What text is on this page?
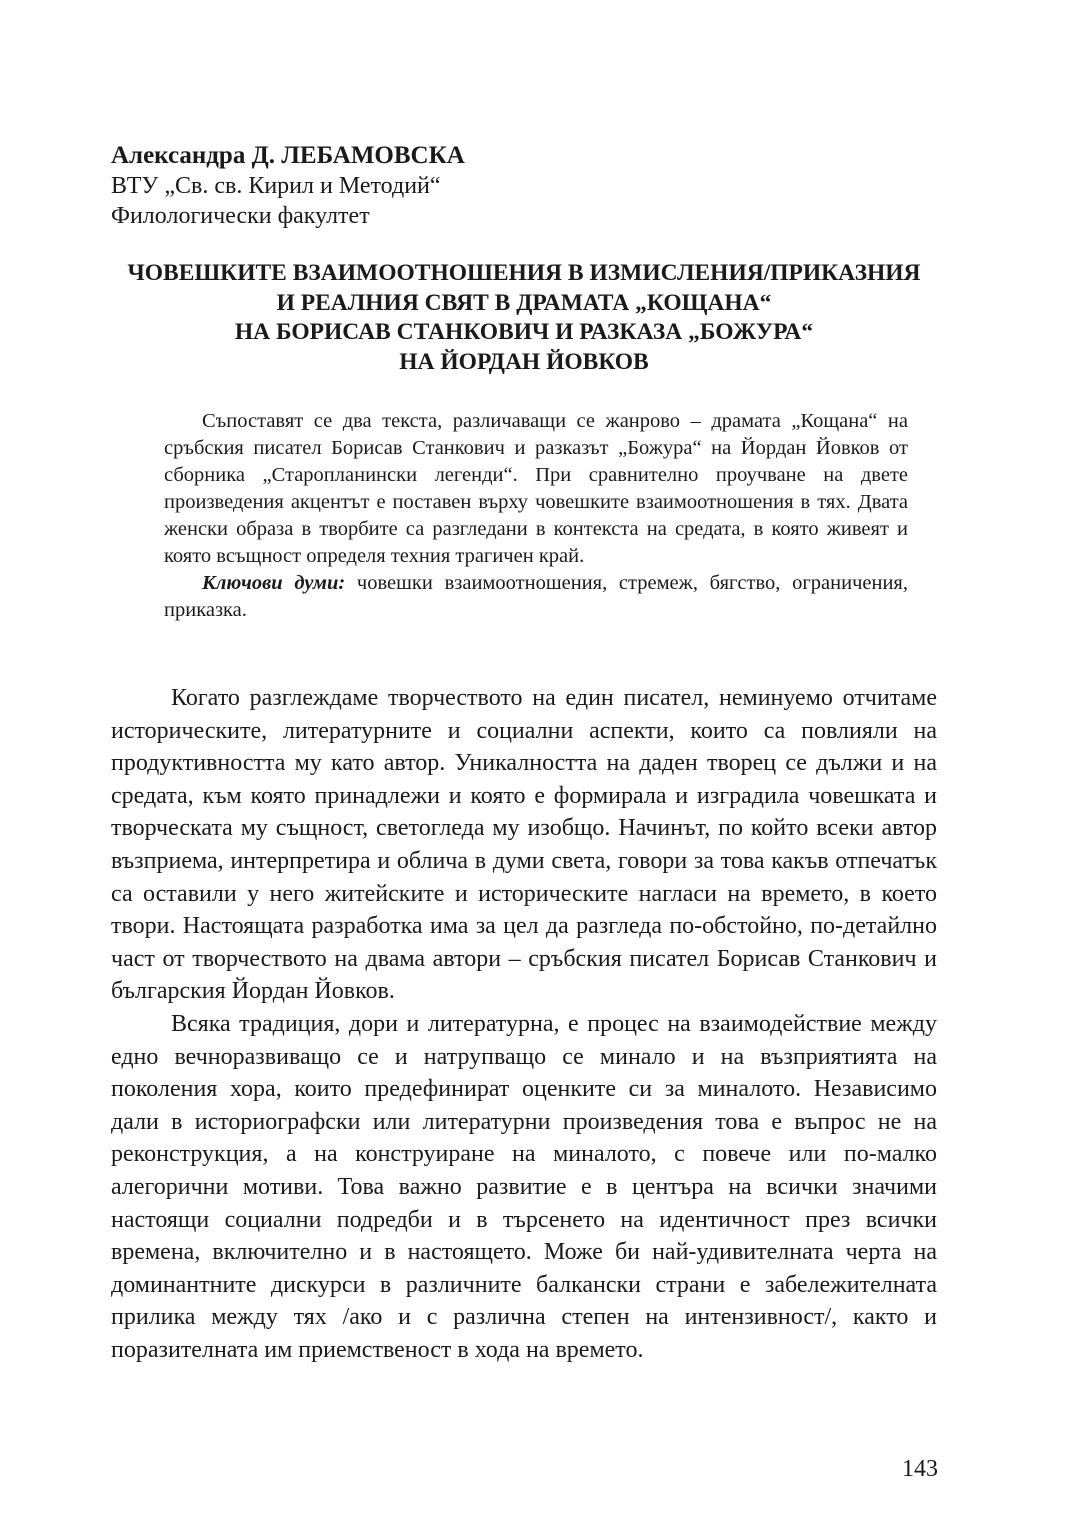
Александра Д. ЛЕБАМОВСКА

ВТУ „Св. св. Кирил и Методий“

Филологически факултет

ЧОВЕШКИТЕ ВЗАИМООТНОШЕНИЯ В ИЗМИСЛЕНИЯ/ПРИКАЗНИЯ
И РЕАЛНИЯ СВЯТ В ДРАМАТА „КОЩАНА“
НА БОРИСАВ СТАНКОВИЧ И РАЗКАЗА „БОЖУРА“
НА ЙОРДАН ЙОВКОВ

Съпоставят се два текста, различаващи се жанрово – драмата „Кощана“ на сръбския писател Борисав Станкович и разказът „Божура“ на Йордан Йовков от сборника „Старопланински легенди“. При сравнително проучване на двете произведения акцентът е поставен върху човешките взаимоотношения в тях. Двата женски образа в творбите са разгледани в контекста на средата, в която живеят и която всъщност определя техния трагичен край.

Ключови думи: човешки взаимоотношения, стремеж, бягство, ограничения, приказка.

Когато разглеждаме творчеството на един писател, неминуемо отчитаме историческите, литературните и социални аспекти, които са повлияли на продуктивността му като автор. Уникалността на даден творец се дължи и на средата, към която принадлежи и която е формирала и изградила човешката и творческата му същност, светогледа му изобщо. Начинът, по който всеки автор възприема, интерпретира и облича в думи света, говори за това какъв отпечатък са оставили у него житейските и историческите нагласи на времето, в което твори. Настоящата разработка има за цел да разгледа по-обстойно, по-детайлно част от творчеството на двама автори – сръбския писател Борисав Станкович и българския Йордан Йовков.

Всяка традиция, дори и литературна, е процес на взаимодействие между едно вечноразвиващо се и натрупващо се минало и на възприятията на поколения хора, които предефинират оценките си за миналото. Независимо дали в историографски или литературни произведения това е въпрос не на реконструкция, а на конструиране на миналото, с повече или по-малко алегорични мотиви. Това важно развитие е в центъра на всички значими настоящи социални подредби и в търсенето на идентичност през всички времена, включително и в настоящето. Може би най-удивителната черта на доминантните дискурси в различните балкански страни е забележителната прилика между тях /ако и с различна степен на интензивност/, както и поразителната им приемственост в хода на времето.

143
